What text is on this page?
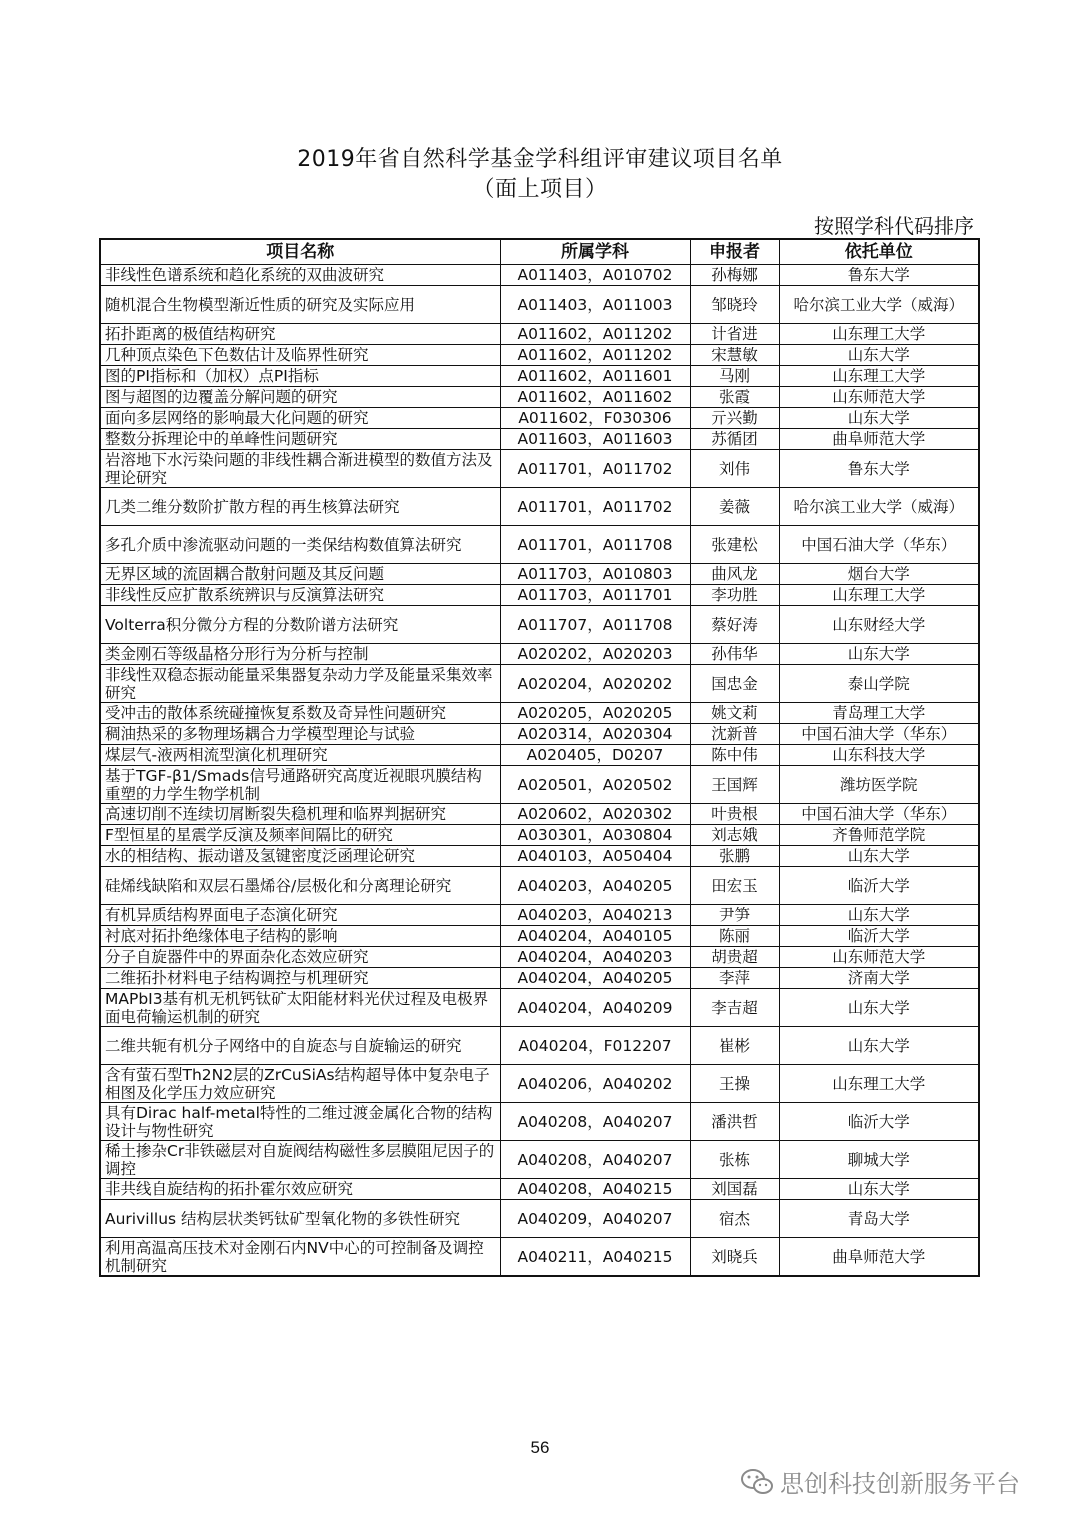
2019年省自然科学基金学科组评审建议项目名单
（面上项目）
按照学科代码排序
项目名称	所属学科	申报者	依托单位
非线性色谱系统和趋化系统的双曲波研究	A011403，A010702	孙梅娜	鲁东大学
随机混合生物模型渐近性质的研究及实际应用	A011403，A011003	邹晓玲	哈尔滨工业大学（威海）
拓扑距离的极值结构研究	A011602，A011202	计省进	山东理工大学
几种顶点染色下色数估计及临界性研究	A011602，A011202	宋慧敏	山东大学
图的PI指标和（加权）点PI指标	A011602，A011601	马刚	山东理工大学
图与超图的边覆盖分解问题的研究	A011602，A011602	张霞	山东师范大学
面向多层网络的影响最大化问题的研究	A011602，F030306	亓兴勤	山东大学
整数分拆理论中的单峰性问题研究	A011603，A011603	苏循团	曲阜师范大学
岩溶地下水污染问题的非线性耦合渐进模型的数值方法及理论研究	A011701，A011702	刘伟	鲁东大学
几类二维分数阶扩散方程的再生核算法研究	A011701，A011702	姜薇	哈尔滨工业大学（威海）
多孔介质中渗流驱动问题的一类保结构数值算法研究	A011701，A011708	张建松	中国石油大学（华东）
无界区域的流固耦合散射问题及其反问题	A011703，A010803	曲风龙	烟台大学
非线性反应扩散系统辨识与反演算法研究	A011703，A011701	李功胜	山东理工大学
Volterra积分微分方程的分数阶谱方法研究	A011707，A011708	蔡好涛	山东财经大学
类金刚石等级晶格分形行为分析与控制	A020202，A020203	孙伟华	山东大学
非线性双稳态振动能量采集器复杂动力学及能量采集效率研究	A020204，A020202	国忠金	泰山学院
受冲击的散体系统碰撞恢复系数及奇异性问题研究	A020205，A020205	姚文莉	青岛理工大学
稠油热采的多物理场耦合力学模型理论与试验	A020314，A020304	沈新普	中国石油大学（华东）
煤层气-液两相流型演化机理研究	A020405，D0207	陈中伟	山东科技大学
基于TGF-β1/Smads信号通路研究高度近视眼巩膜结构重塑的力学生物学机制	A020501，A020502	王国辉	潍坊医学院
高速切削不连续切屑断裂失稳机理和临界判据研究	A020602，A020302	叶贵根	中国石油大学（华东）
F型恒星的星震学反演及频率间隔比的研究	A030301，A030804	刘志娥	齐鲁师范学院
水的相结构、振动谱及氢键密度泛函理论研究	A040103，A050404	张鹏	山东大学
硅烯线缺陷和双层石墨烯谷/层极化和分离理论研究	A040203，A040205	田宏玉	临沂大学
有机异质结构界面电子态演化研究	A040203，A040213	尹笋	山东大学
衬底对拓扑绝缘体电子结构的影响	A040204，A040105	陈丽	临沂大学
分子自旋器件中的界面杂化态效应研究	A040204，A040203	胡贵超	山东师范大学
二维拓扑材料电子结构调控与机理研究	A040204，A040205	李萍	济南大学
MAPbI3基有机无机钙钛矿太阳能材料光伏过程及电极界面电荷输运机制的研究	A040204，A040209	李吉超	山东大学
二维共轭有机分子网络中的自旋态与自旋输运的研究	A040204，F012207	崔彬	山东大学
含有萤石型Th2N2层的ZrCuSiAs结构超导体中复杂电子相图及化学压力效应研究	A040206，A040202	王操	山东理工大学
具有Dirac half-metal特性的二维过渡金属化合物的结构设计与物性研究	A040208，A040207	潘洪哲	临沂大学
稀土掺杂Cr非铁磁层对自旋阀结构磁性多层膜阻尼因子的调控	A040208，A040207	张栋	聊城大学
非共线自旋结构的拓扑霍尔效应研究	A040208，A040215	刘国磊	山东大学
Aurivillus 结构层状类钙钛矿型氧化物的多铁性研究	A040209，A040207	宿杰	青岛大学
利用高温高压技术对金刚石内NV中心的可控制备及调控机制研究	A040211，A040215	刘晓兵	曲阜师范大学
56
思创科技创新服务平台
